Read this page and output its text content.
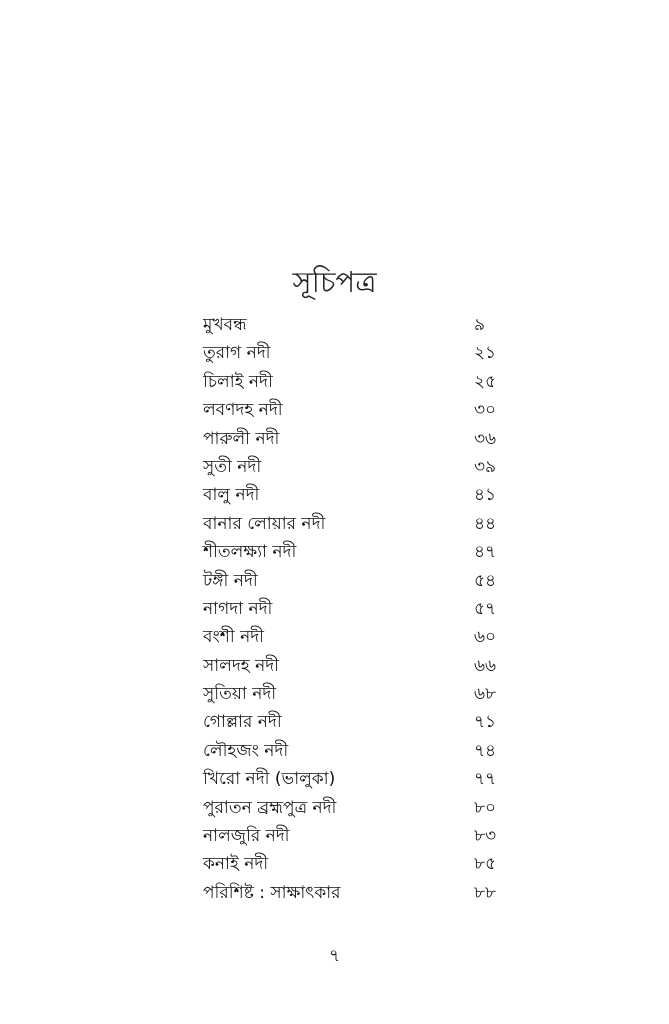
সূচিপত্র
মুখবন্ধ	৯
তুরাগ নদী	২১
চিলাই নদী	২৫
লবণদহ নদী	৩০
পারুলী নদী	৩৬
সুতী নদী	৩৯
বালু নদী	৪১
বানার লোয়ার নদী	৪৪
শীতলক্ষ্যা নদী	৪৭
টঙ্গী নদী	৫৪
নাগদা নদী	৫৭
বংশী নদী	৬০
সালদহ নদী	৬৬
সুতিয়া নদী	৬৮
গোল্লার নদী	৭১
লৌহজং নদী	৭৪
খিরো নদী (ভালুকা)	৭৭
পুরাতন ব্রহ্মপুত্র নদী	৮০
নালজুরি নদী	৮৩
কনাই নদী	৮৫
পরিশিষ্ট : সাক্ষাৎকার	৮৮
৭
